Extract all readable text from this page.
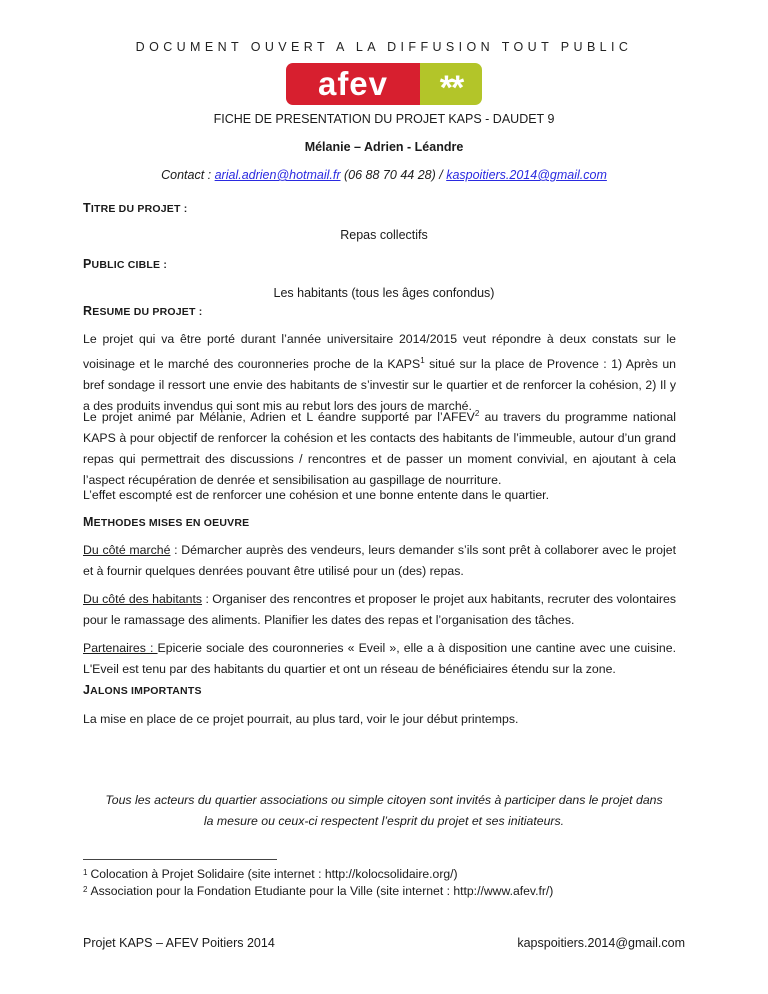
DOCUMENT OUVERT A LA DIFFUSION TOUT PUBLIC
afev	**
FICHE DE PRESENTATION DU PROJET KAPS - DAUDET 9
Mélanie – Adrien - Léandre
Contact : arial.adrien@hotmail.fr (06 88 70 44 28) / kaspoitiers.2014@gmail.com
TITRE DU PROJET :
Repas collectifs
PUBLIC CIBLE :
Les habitants (tous les âges confondus)
RESUME DU PROJET :
Le projet qui va être porté durant l’année universitaire 2014/2015 veut répondre à deux constats sur le voisinage et le marché des couronneries proche de la KAPS$^1$ situé sur la place de Provence : 1) Après un bref sondage il ressort une envie des habitants de s’investir sur le quartier et de renforcer la cohésion, 2) Il y a des produits invendus qui sont mis au rebut lors des jours de marché.
Le projet animé par Mélanie, Adrien et L éandre supporté par l’AFEV$^2$ au travers du programme national KAPS à pour objectif de renforcer la cohésion et les contacts des habitants de l’immeuble, autour d’un grand repas qui permettrait des discussions / rencontres et de passer un moment convivial, en ajoutant à cela l’aspect récupération de denrée et sensibilisation au gaspillage de nourriture.
L’effet escompté est de renforcer une cohésion et une bonne entente dans le quartier.
METHODES MISES EN OEUVRE
Du côté marché : Démarcher auprès des vendeurs, leurs demander s’ils sont prêt à collaborer avec le projet et à fournir quelques denrées pouvant être utilisé pour un (des) repas.
Du côté des habitants : Organiser des rencontres et proposer le projet aux habitants, recruter des volontaires pour le ramassage des aliments. Planifier les dates des repas et l’organisation des tâches.
Partenaires : Epicerie sociale des couronneries « Eveil », elle a à disposition une cantine avec une cuisine. L'Eveil est tenu par des habitants du quartier et ont un réseau de bénéficiaires étendu sur la zone.
JALONS IMPORTANTS
La mise en place de ce projet pourrait, au plus tard, voir le jour début printemps.
Tous les acteurs du quartier associations ou simple citoyen sont invités à participer dans le projet dans la mesure ou ceux-ci respectent l’esprit du projet et ses initiateurs.
$^1$ Colocation à Projet Solidaire (site internet : http://kolocsolidaire.org/)
$^2$ Association pour la Fondation Etudiante pour la Ville (site internet : http://www.afev.fr/)
Projet KAPS – AFEV Poitiers 2014	kapspoitiers.2014@gmail.com
